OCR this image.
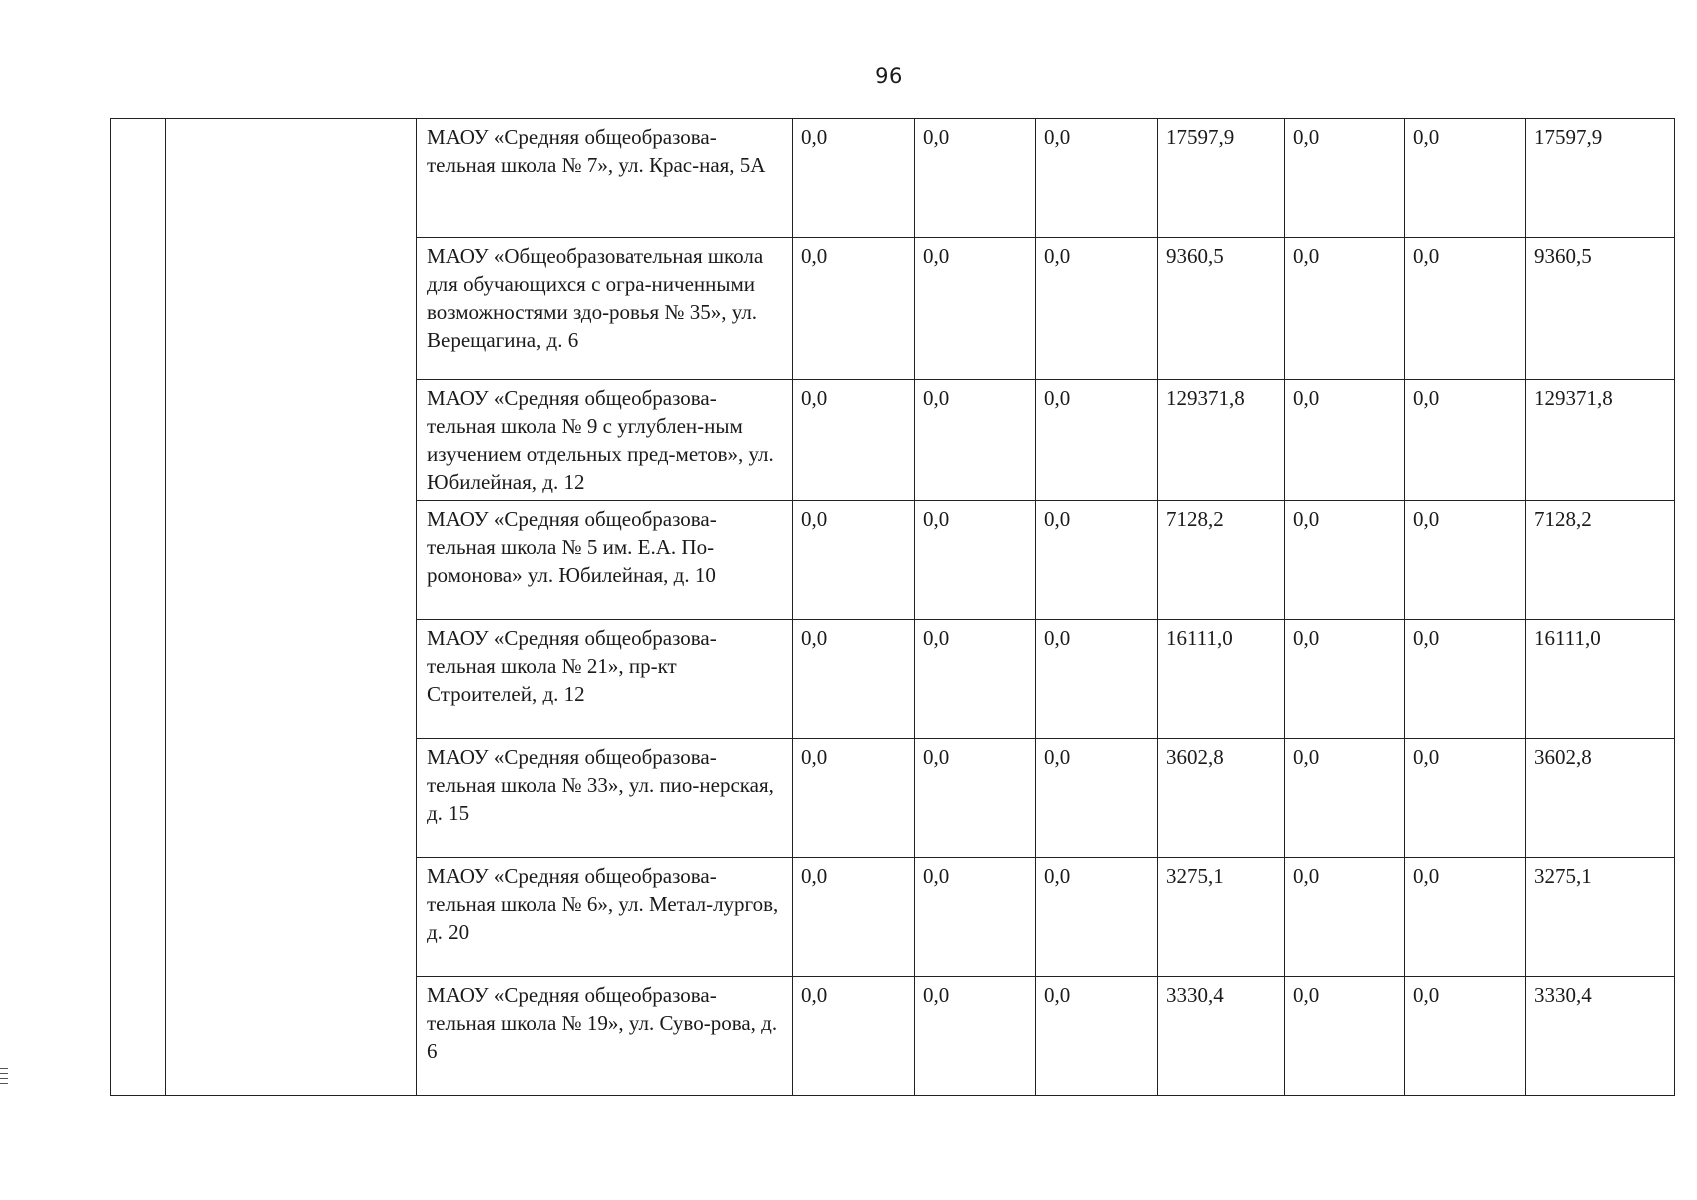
96
		МАОУ «Средняя общеобразова-тельная школа № 7», ул. Крас-ная, 5А	0,0	0,0	0,0	17597,9	0,0	0,0	17597,9
		МАОУ «Общеобразовательная школа для обучающихся с огра-ниченными возможностями здо-ровья № 35», ул. Верещагина, д. 6	0,0	0,0	0,0	9360,5	0,0	0,0	9360,5
		МАОУ «Средняя общеобразова-тельная школа № 9 с углублен-ным изучением отдельных пред-метов», ул. Юбилейная, д. 12	0,0	0,0	0,0	129371,8	0,0	0,0	129371,8
		МАОУ «Средняя общеобразова-тельная школа № 5 им. Е.А. По-ромонова» ул. Юбилейная, д. 10	0,0	0,0	0,0	7128,2	0,0	0,0	7128,2
		МАОУ «Средняя общеобразова-тельная школа № 21», пр-кт Строителей, д. 12	0,0	0,0	0,0	16111,0	0,0	0,0	16111,0
		МАОУ «Средняя общеобразова-тельная школа № 33», ул. пио-нерская, д. 15	0,0	0,0	0,0	3602,8	0,0	0,0	3602,8
		МАОУ «Средняя общеобразова-тельная школа № 6», ул. Метал-лургов, д. 20	0,0	0,0	0,0	3275,1	0,0	0,0	3275,1
		МАОУ «Средняя общеобразова-тельная школа № 19», ул. Суво-рова, д. 6	0,0	0,0	0,0	3330,4	0,0	0,0	3330,4
